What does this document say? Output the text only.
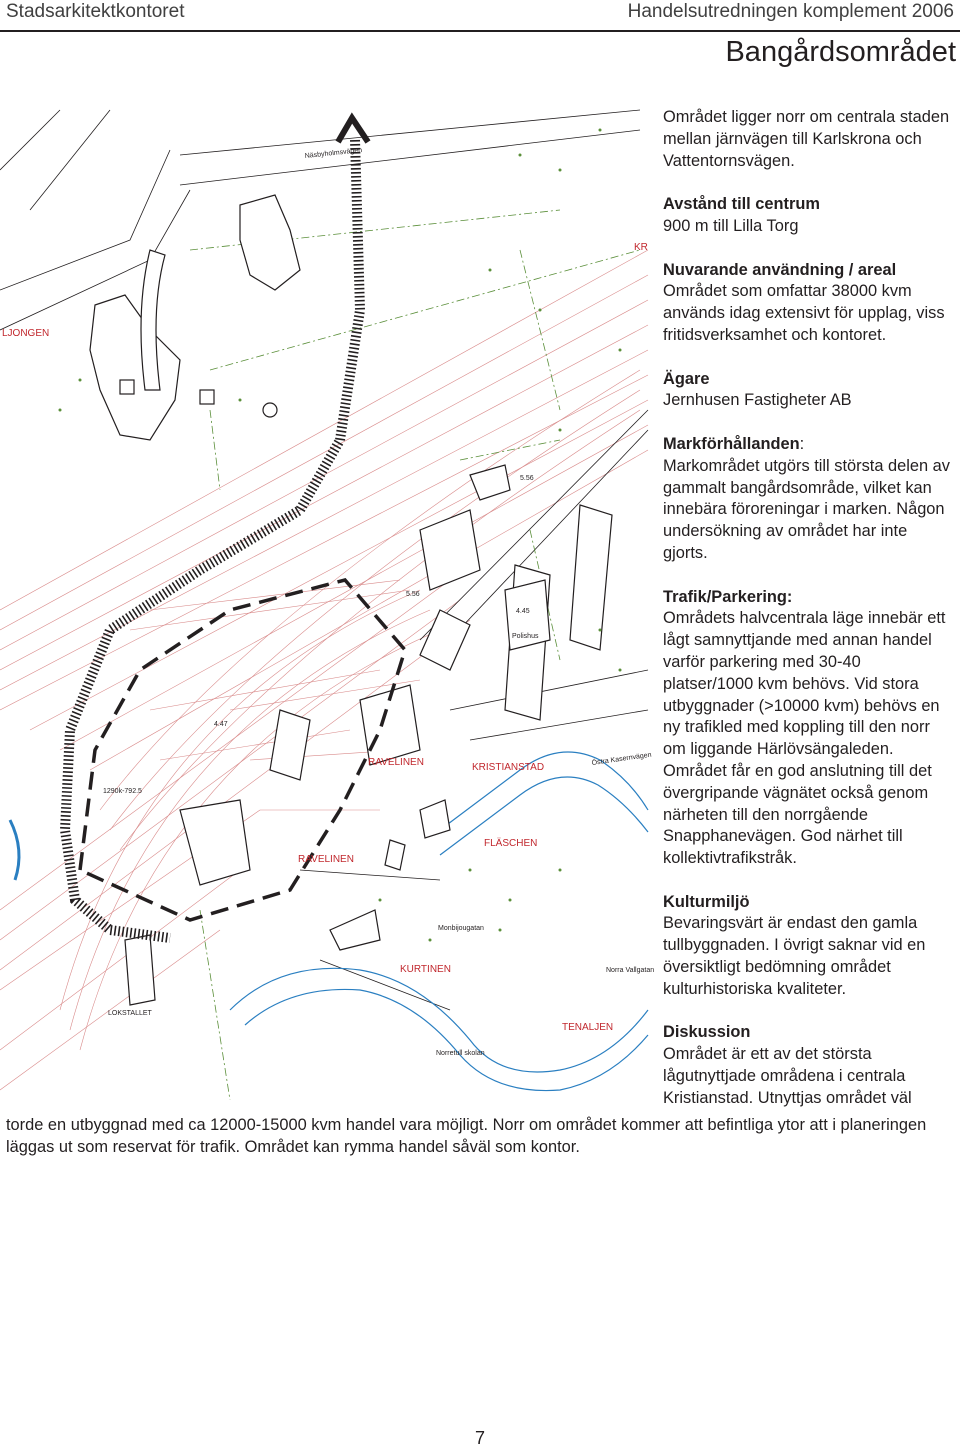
Stadsarkitektkontoret	Handelsutredningen komplement 2006
Bangårdsområdet
LJONGEN
RAVELINEN
RAVELINEN
KRISTIANSTAD
FLÄSCHEN
KURTINEN
TENALJEN
KR
LOKSTALLET
Polishus
Näsbyholmsvägen
Östra Kasernvägen
Norra Vallgatan
Norretull skolan
Monbijougatan
4.47
5.56
4.45
1290k-792.5
5.56

Området ligger norr om centrala staden mellan järnvägen till Karlskrona och Vattentornsvägen.

Avstånd till centrum

900 m till Lilla Torg

Nuvarande användning / areal

Området som omfattar 38000 kvm används idag extensivt för upplag, viss fritidsverksamhet och kontoret.

Ägare

Jernhusen Fastigheter AB

Markförhållanden:

Markområdet utgörs till största delen av gammalt bangårdsområde, vilket kan innebära föroreningar i marken. Någon undersökning av området har inte gjorts.

Trafik/Parkering:

Områdets halvcentrala läge innebär ett lågt samnyttjande med annan handel varför parkering med 30-40 platser/1000 kvm behövs. Vid stora utbyggnader (>10000 kvm) behövs en ny trafikled med koppling till den norr om liggande Härlövsängaleden. Området får en god anslutning till det övergripande vägnätet också genom närheten till den norrgående Snapphanevägen. God närhet till kollektivtrafikstråk.

Kulturmiljö

Bevaringsvärt är endast den gamla tullbyggnaden. I övrigt saknar vid en översiktligt bedömning området kulturhistoriska kvaliteter.

Diskussion

Området är ett av det största lågutnyttjade områdena i centrala Kristianstad. Utnyttjas området väl

torde en utbyggnad med ca 12000-15000 kvm handel vara möjligt. Norr om området kommer att befintliga ytor att i planeringen läggas ut som reservat för trafik. Området kan rymma handel såväl som kontor.
7
